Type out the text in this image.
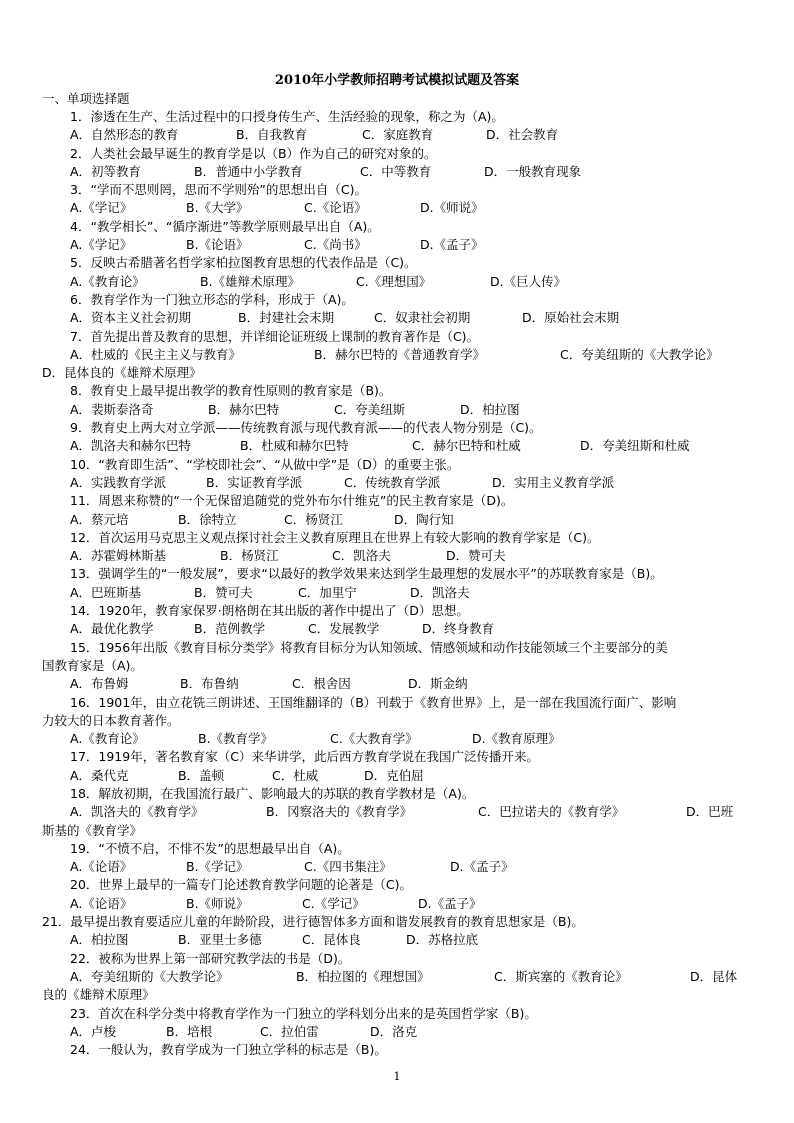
2010年小学教师招聘考试模拟试题及答案
一、单项选择题
1．渗透在生产、生活过程中的口授身传生产、生活经验的现象，称之为（A)。
A．自然形态的教育	B．自我教育	C．家庭教育	D．社会教育
2．人类社会最早诞生的教育学是以（B）作为自己的研究对象的。
A．初等教育	B．普通中小学教育	C．中等教育	D．一般教育现象
3．“学而不思则罔，思而不学则殆”的思想出自（C)。
A.《学记》	B.《大学》	C.《论语》	D.《师说》
4．“教学相长”、“循序渐进”等教学原则最早出自（A)。
A.《学记》	B.《论语》	C.《尚书》	D.《孟子》
5．反映古希腊著名哲学家柏拉图教育思想的代表作品是（C)。
A.《教育论》	B.《雄辩术原理》	C.《理想国》	D.《巨人传》
6．教育学作为一门独立形态的学科，形成于（A)。
A．资本主义社会初期	B．封建社会末期	C．奴隶社会初期	D．原始社会末期
7．首先提出普及教育的思想，并详细论证班级上课制的教育著作是（C)。
A．杜威的《民主主义与教育》	B．赫尔巴特的《普通教育学》	C．夸美纽斯的《大教学论》
D．昆体良的《雄辩术原理》
8．教育史上最早提出教学的教育性原则的教育家是（B)。
A．裴斯泰洛奇	B．赫尔巴特	C．夸美纽斯	D．柏拉图
9．教育史上两大对立学派——传统教育派与现代教育派——的代表人物分别是（C)。
A．凯洛夫和赫尔巴特	B．杜威和赫尔巴特	C．赫尔巴特和杜威	D．夸美纽斯和杜威
10．“教育即生活”、“学校即社会”、“从做中学”是（D）的重要主张。
A．实践教育学派	B．实证教育学派	C．传统教育学派	D．实用主义教育学派
11．周恩来称赞的“一个无保留追随党的党外布尔什维克”的民主教育家是（D)。
A．蔡元培	B．徐特立	C．杨贤江	D．陶行知
12．首次运用马克思主义观点探讨社会主义教育原理且在世界上有较大影响的教育学家是（C)。
A．苏霍姆林斯基	B．杨贤江	C．凯洛夫	D．赞可夫
13．强调学生的“一般发展”，要求“以最好的教学效果来达到学生最理想的发展水平”的苏联教育家是（B)。
A．巴班斯基	B．赞可夫	C．加里宁	D．凯洛夫
14．1920年，教育家保罗·朗格朗在其出版的著作中提出了（D）思想。
A．最优化教学	B．范例教学	C．发展教学	D．终身教育
15．1956年出版《教育目标分类学》将教育目标分为认知领域、情感领域和动作技能领域三个主要部分的美
国教育家是（A)。
A．布鲁姆	B．布鲁纳	C．根舍因	D．斯金纳
16．1901年，由立花铣三朗讲述、王国维翻译的（B）刊载于《教育世界》上，是一部在我国流行面广、影响
力较大的日本教育著作。
A.《教育论》	B.《教育学》	C.《大教育学》	D.《教育原理》
17．1919年，著名教育家（C）来华讲学，此后西方教育学说在我国广泛传播开来。
A．桑代克	B．盖顿	C．杜威	D．克伯屈
18．解放初期，在我国流行最广、影响最大的苏联的教育学教材是（A)。
A．凯洛夫的《教育学》	B．冈察洛夫的《教育学》	C．巴拉诺夫的《教育学》	D．巴班
斯基的《教育学》
19．“不愤不启，不悱不发”的思想最早出自（A)。
A.《论语》	B.《学记》	C.《四书集注》	D.《孟子》
20．世界上最早的一篇专门论述教育教学问题的论著是（C)。
A.《论语》	B.《师说》	C.《学记》	D.《孟子》
21．最早提出教育要适应儿童的年龄阶段，进行德智体多方面和谐发展教育的教育思想家是（B)。
A．柏拉图	B．亚里士多德	C．昆体良	D．苏格拉底
22．被称为世界上第一部研究教学法的书是（D)。
A．夸美纽斯的《大教学论》	B．柏拉图的《理想国》	C．斯宾塞的《教育论》	D．昆体
良的《雄辩术原理》
23．首次在科学分类中将教育学作为一门独立的学科划分出来的是英国哲学家（B)。
A．卢梭	B．培根	C．拉伯雷	D．洛克
24．一般认为，教育学成为一门独立学科的标志是（B)。
1
